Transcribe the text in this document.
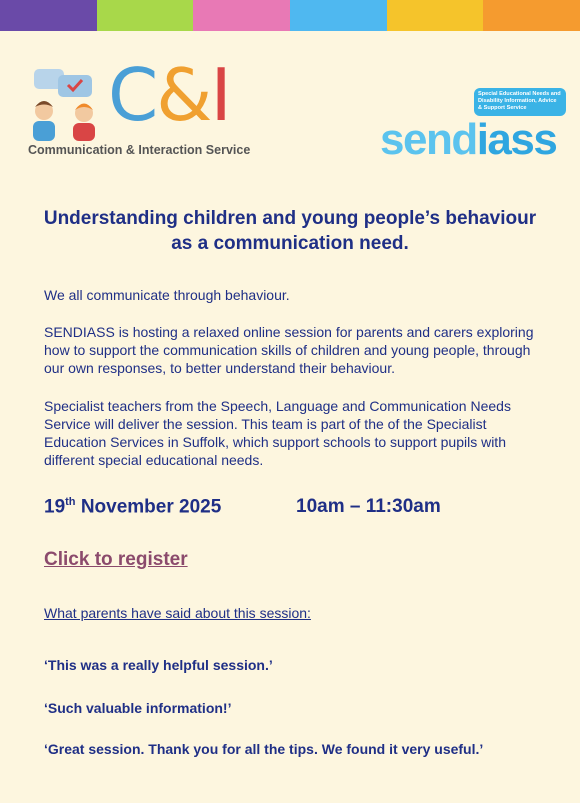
C&I
Communication & Interaction Service
Special Educational Needs and Disability Information, Advice & Support Service
sendiass
Understanding children and young people’s behaviour as a communication need.

We all communicate through behaviour.

SENDIASS is hosting a relaxed online session for parents and carers exploring how to support the communication skills of children and young people, through our own responses, to better understand their behaviour.

Specialist teachers from the Speech, Language and Communication Needs Service will deliver the session. This team is part of the of the Specialist Education Services in Suffolk, which support schools to support pupils with different special educational needs.

19th November 2025	10am – 11:30am
Click to register
What parents have said about this session:

‘This was a really helpful session.’

‘Such valuable information!’

‘Great session. Thank you for all the tips. We found it very useful.’
